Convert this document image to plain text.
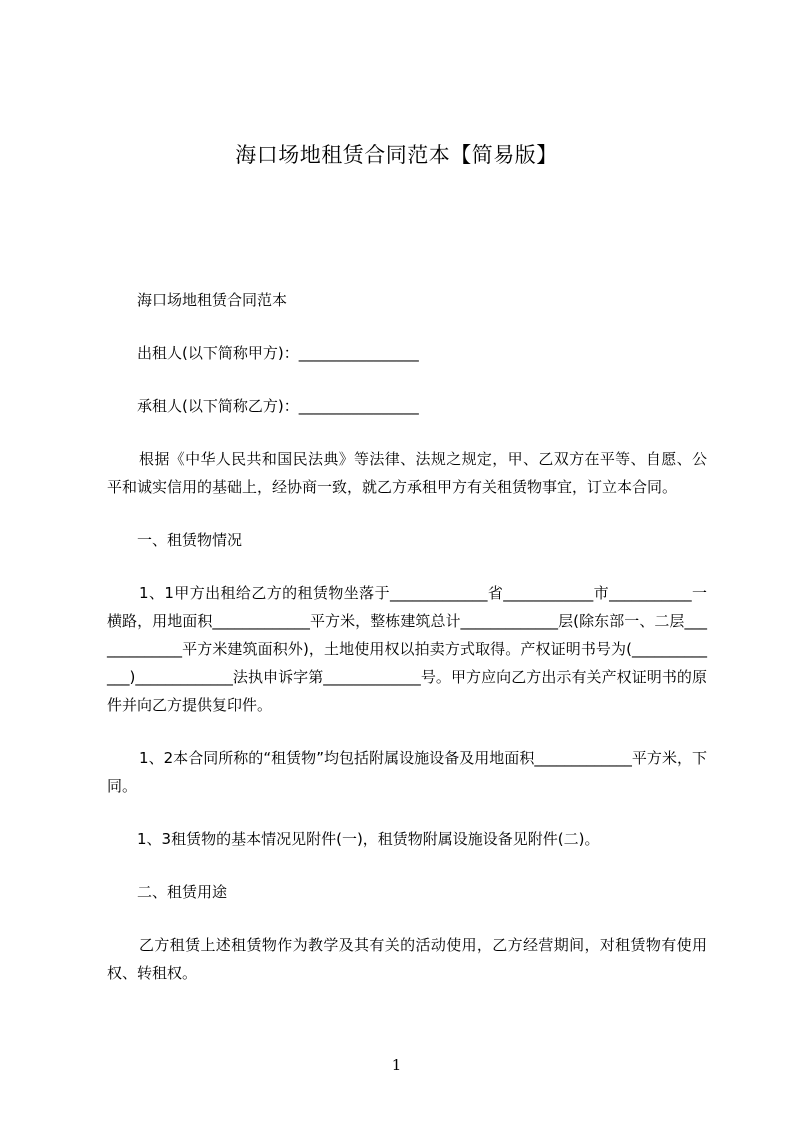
海口场地租赁合同范本【简易版】

海口场地租赁合同范本

出租人(以下简称甲方)：________________

承租人(以下简称乙方)：________________

根据《中华人民共和国民法典》等法律、法规之规定，甲、乙双方在平等、自愿、公平和诚实信用的基础上，经协商一致，就乙方承租甲方有关租赁物事宜，订立本合同。

一、租赁物情况

1、1甲方出租给乙方的租赁物坐落于_____________省____________市___________一横路，用地面积_____________平方米，整栋建筑总计_____________层(除东部一、二层_____________平方米建筑面积外)，土地使用权以拍卖方式取得。产权证明书号为(_____________)_____________法执申诉字第_____________号。甲方应向乙方出示有关产权证明书的原件并向乙方提供复印件。

1、2本合同所称的“租赁物”均包括附属设施设备及用地面积_____________平方米，下同。

1、3租赁物的基本情况见附件(一)，租赁物附属设施设备见附件(二)。

二、租赁用途

乙方租赁上述租赁物作为教学及其有关的活动使用，乙方经营期间，对租赁物有使用权、转租权。

1
